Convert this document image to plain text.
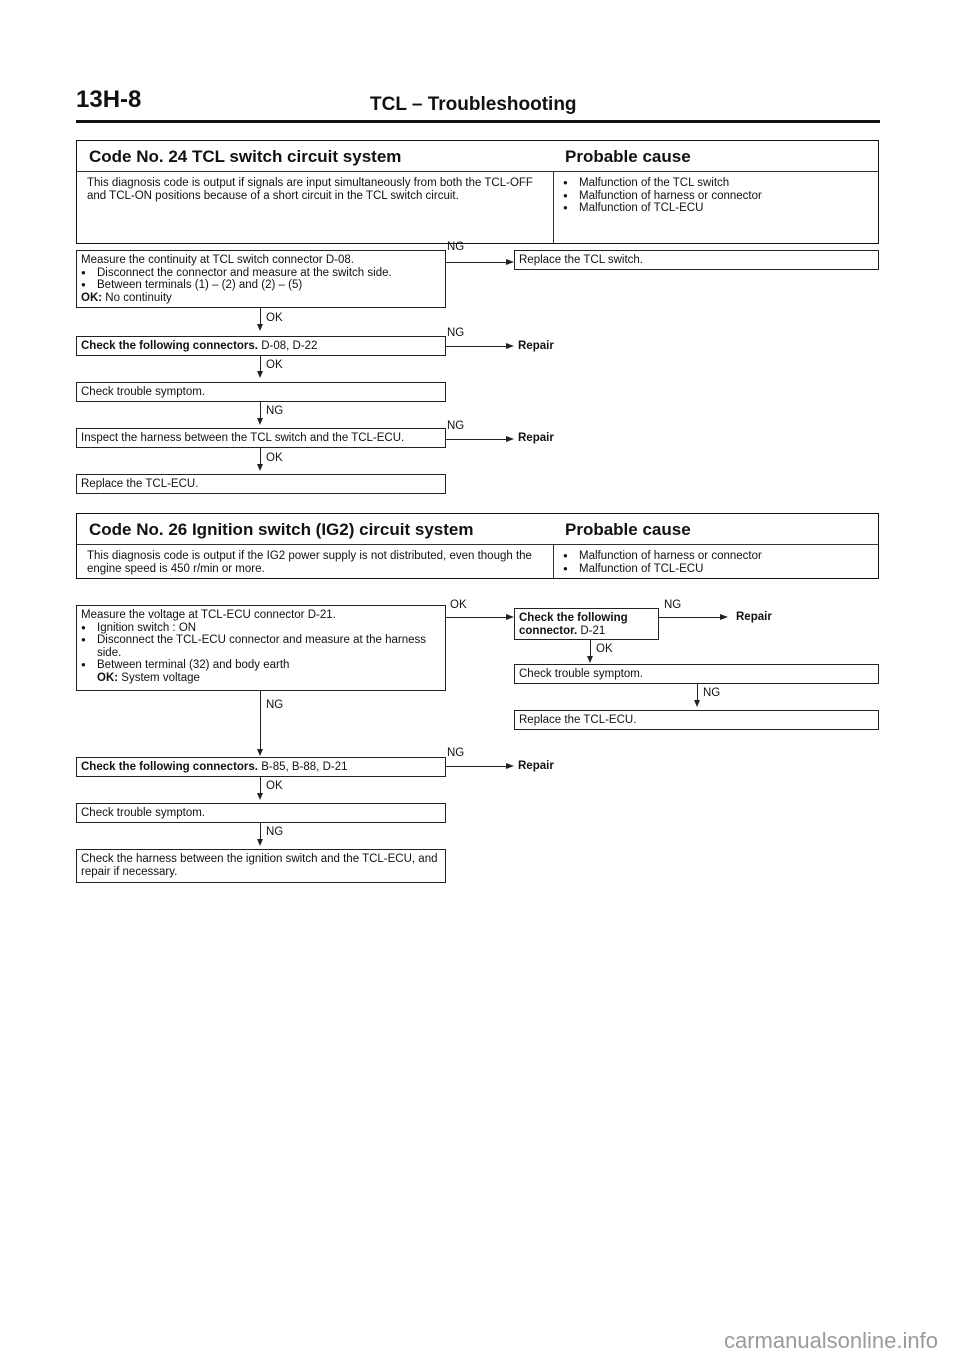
13H-8	TCL – Troubleshooting
Code No. 24 TCL switch circuit system	Probable cause
This diagnosis code is output if signals are input simultaneously from both the TCL-OFF and TCL-ON positions because of a short circuit in the TCL switch circuit.
● Malfunction of the TCL switch
● Malfunction of harness or connector
● Malfunction of TCL-ECU
Measure the continuity at TCL switch connector D-08.
● Disconnect the connector and measure at the switch side.
● Between terminals (1) – (2) and (2) – (5)
OK: No continuity
NG
Replace the TCL switch.
OK
Check the following connectors. D-08, D-22
NG
Repair
OK
Check trouble symptom.
NG
Inspect the harness between the TCL switch and the TCL-ECU.
NG
Repair
OK
Replace the TCL-ECU.
Code No. 26 Ignition switch (IG2) circuit system	Probable cause
This diagnosis code is output if the IG2 power supply is not distributed, even though the engine speed is 450 r/min or more.
● Malfunction of harness or connector
● Malfunction of TCL-ECU
Measure the voltage at TCL-ECU connector D-21.
● Ignition switch : ON
● Disconnect the TCL-ECU connector and measure at the harness side.
● Between terminal (32) and body earth
OK: System voltage
OK
Check the following connector. D-21
NG
Repair
OK
Check trouble symptom.
NG
Replace the TCL-ECU.
NG
Check the following connectors. B-85, B-88, D-21
NG
Repair
OK
Check trouble symptom.
NG
Check the harness between the ignition switch and the TCL-ECU, and repair if necessary.
carmanualsonline.info
